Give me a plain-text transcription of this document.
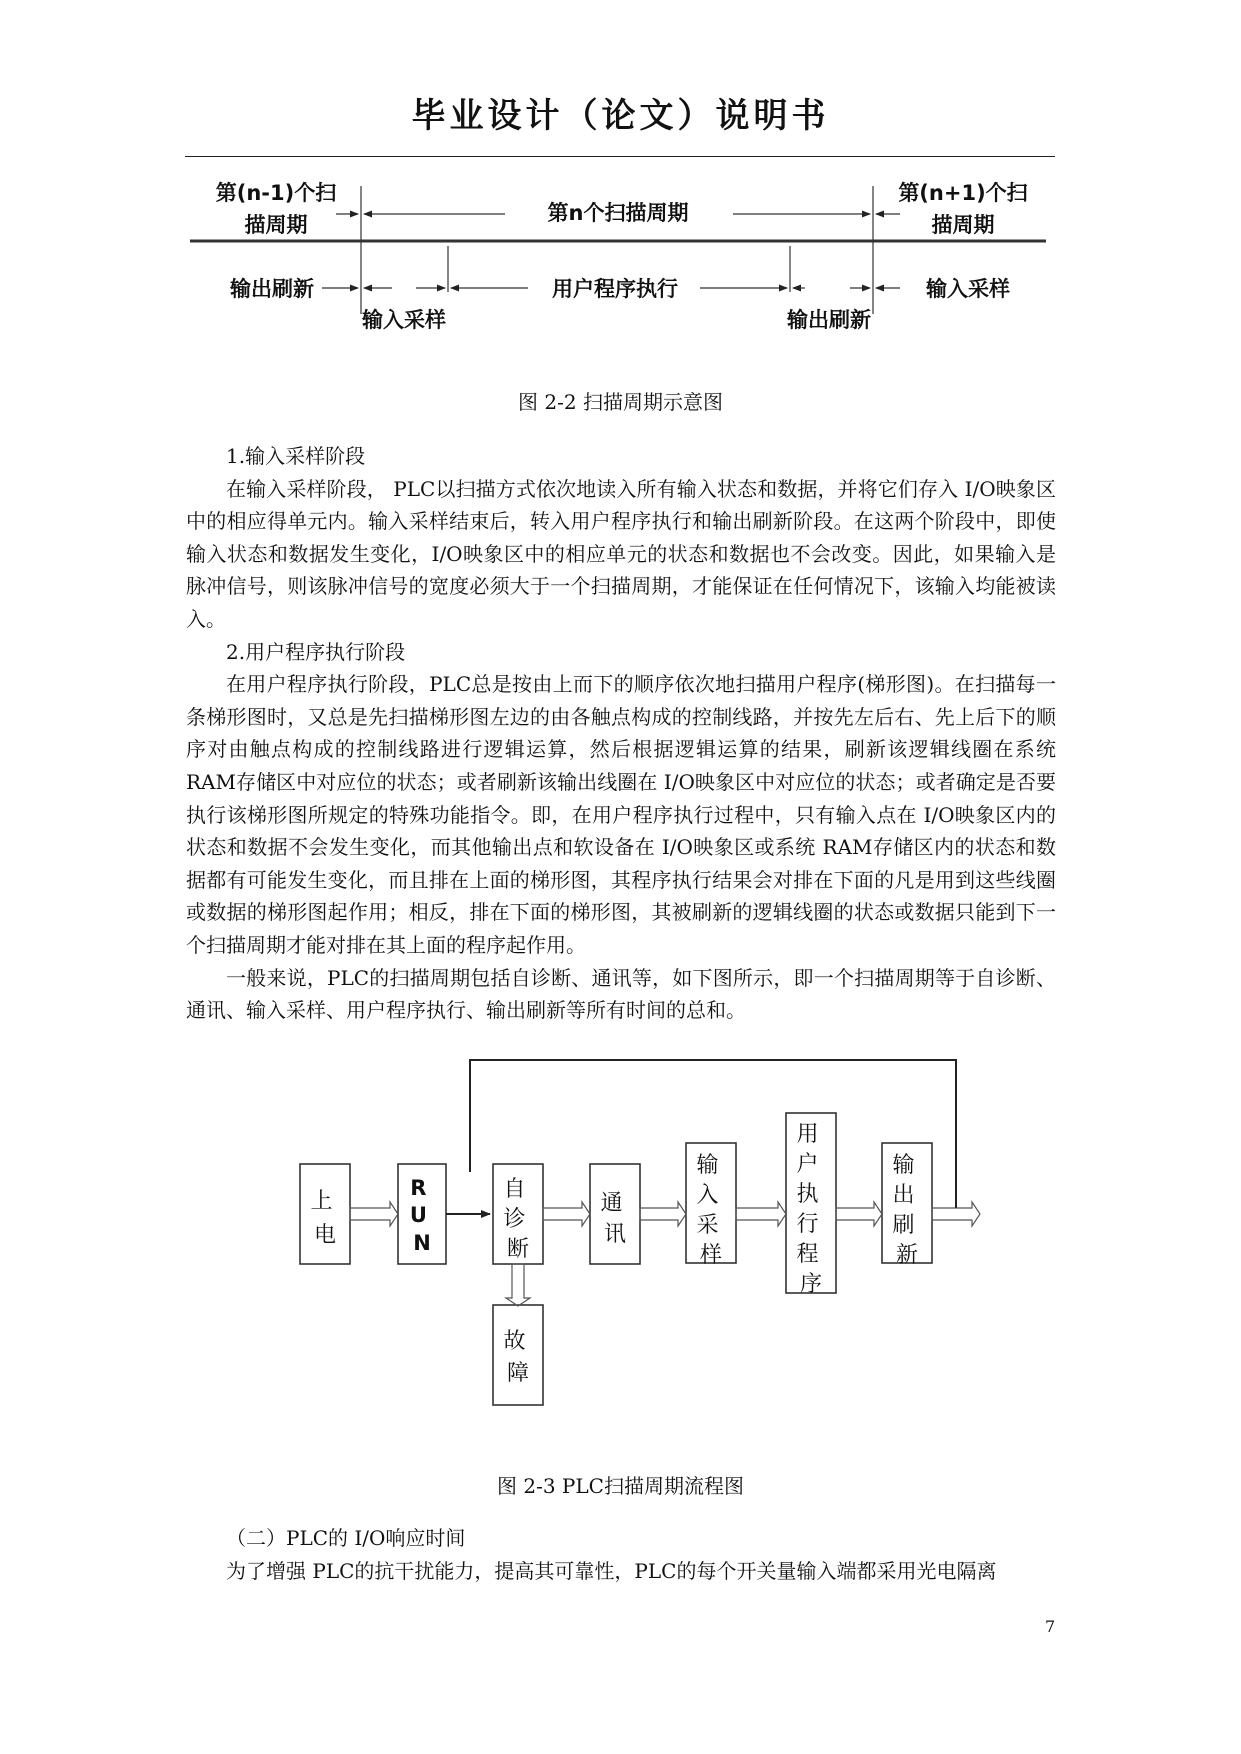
毕业设计（论文）说明书
第(n-1)个扫
描周期	第n个扫描周期
第(n+1)个扫
描周期
输出刷新
输入采样
用户程序执行
输出刷新
输入采样
图 2-2 扫描周期示意图

1.输入采样阶段

在输入采样阶段， PLC以扫描方式依次地读入所有输入状态和数据，并将它们存入 I/O映象区中的相应得单元内。输入采样结束后，转入用户程序执行和输出刷新阶段。在这两个阶段中，即使输入状态和数据发生变化，I/O映象区中的相应单元的状态和数据也不会改变。因此，如果输入是脉冲信号，则该脉冲信号的宽度必须大于一个扫描周期，才能保证在任何情况下，该输入均能被读入。

2.用户程序执行阶段

在用户程序执行阶段，PLC总是按由上而下的顺序依次地扫描用户程序(梯形图)。在扫描每一条梯形图时，又总是先扫描梯形图左边的由各触点构成的控制线路，并按先左后右、先上后下的顺序对由触点构成的控制线路进行逻辑运算，然后根据逻辑运算的结果，刷新该逻辑线圈在系统 RAM存储区中对应位的状态；或者刷新该输出线圈在 I/O映象区中对应位的状态；或者确定是否要执行该梯形图所规定的特殊功能指令。即，在用户程序执行过程中，只有输入点在 I/O映象区内的状态和数据不会发生变化，而其他输出点和软设备在 I/O映象区或系统 RAM存储区内的状态和数据都有可能发生变化，而且排在上面的梯形图，其程序执行结果会对排在下面的凡是用到这些线圈或数据的梯形图起作用；相反，排在下面的梯形图，其被刷新的逻辑线圈的状态或数据只能到下一个扫描周期才能对排在其上面的程序起作用。

一般来说，PLC的扫描周期包括自诊断、通讯等，如下图所示，即一个扫描周期等于自诊断、通讯、输入采样、用户程序执行、输出刷新等所有时间的总和。

上 电
R U N
自 诊 断
通 讯
输 入 采 样
用 户 执 行 程 序
输 出 刷 新
故 障
图 2-3 PLC扫描周期流程图

（二）PLC的 I/O响应时间

为了增强 PLC的抗干扰能力，提高其可靠性，PLC的每个开关量输入端都采用光电隔离

7
